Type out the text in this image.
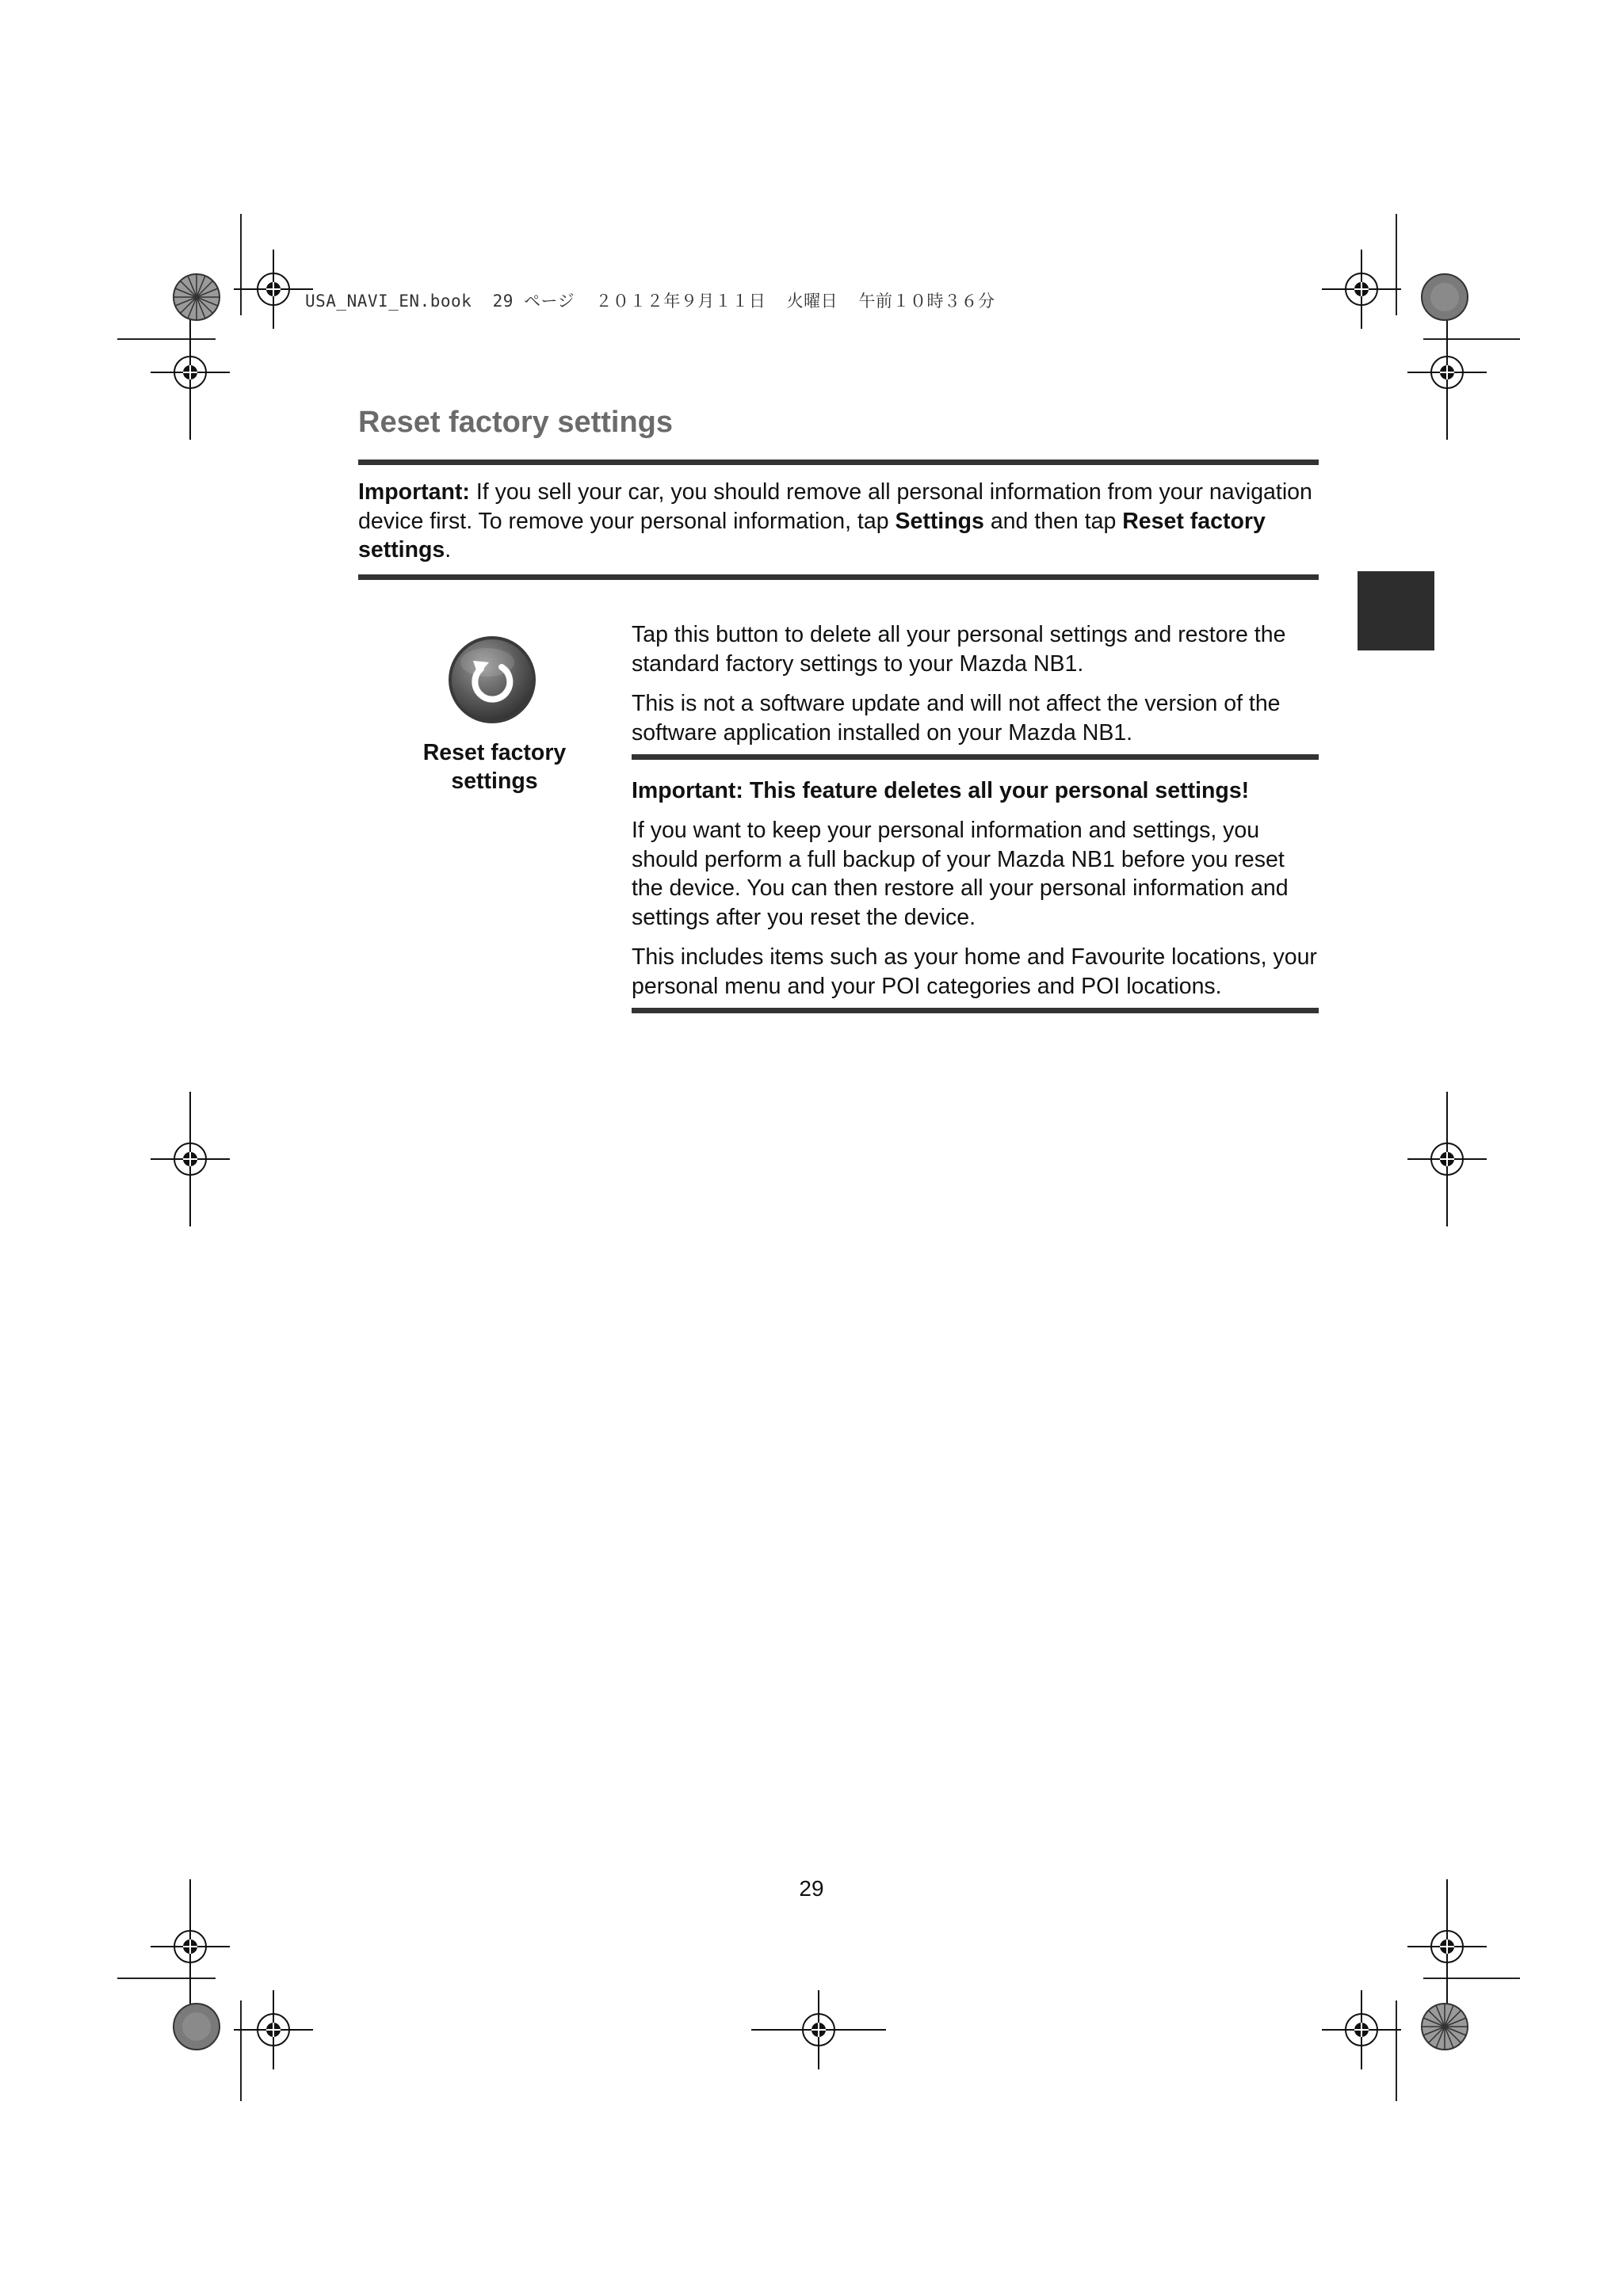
USA_NAVI_EN.book  29 ページ  ２０１２年９月１１日  火曜日  午前１０時３６分
Reset factory settings

Important: If you sell your car, you should remove all personal information from your navigation device first. To remove your personal information, tap Settings and then tap Reset factory settings.

Reset factory
settings

Tap this button to delete all your personal settings and restore the standard factory settings to your Mazda NB1.

This is not a software update and will not affect the version of the software application installed on your Mazda NB1.

Important: This feature deletes all your personal settings!

If you want to keep your personal information and settings, you should perform a full backup of your Mazda NB1 before you reset the device. You can then restore all your personal information and settings after you reset the device.

This includes items such as your home and Favourite locations, your personal menu and your POI categories and POI locations.

29
